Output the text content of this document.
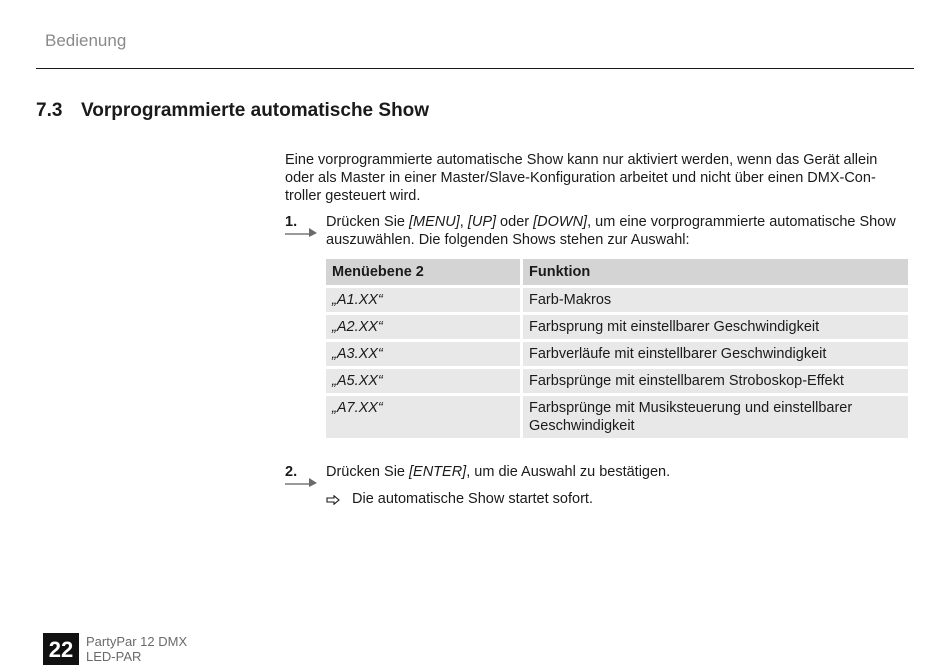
Bedienung
7.3 Vorprogrammierte automatische Show
Eine vorprogrammierte automatische Show kann nur aktiviert werden, wenn das Gerät allein oder als Master in einer Master/Slave-Konfiguration arbeitet und nicht über einen DMX-Con-troller gesteuert wird.
1. Drücken Sie [MENU], [UP] oder [DOWN], um eine vorprogrammierte automatische Show auszuwählen. Die folgenden Shows stehen zur Auswahl:
Menüebene 2	Funktion
„A1.XX“	Farb-Makros
„A2.XX“	Farbsprung mit einstellbarer Geschwindigkeit
„A3.XX“	Farbverläufe mit einstellbarer Geschwindigkeit
„A5.XX“	Farbsprünge mit einstellbarem Stroboskop-Effekt
„A7.XX“	Farbsprünge mit Musiksteuerung und einstellbarer Geschwindigkeit
2. Drücken Sie [ENTER], um die Auswahl zu bestätigen.
Die automatische Show startet sofort.
22 PartyPar 12 DMX
LED-PAR
